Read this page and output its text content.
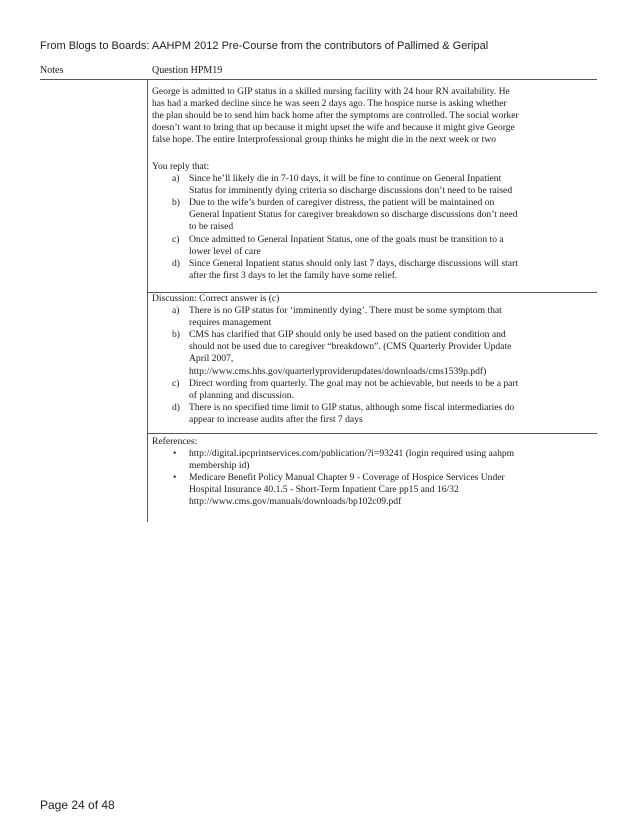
From Blogs to Boards: AAHPM 2012 Pre-Course from the contributors of Pallimed & Geripal
Notes	Question HPM19

George is admitted to GIP status in a skilled nursing facility with 24 hour RN availability. He

has had a marked decline since he was seen 2 days ago. The hospice nurse is asking whether

the plan should be to send him back home after the symptoms are controlled. The social worker

doesn’t want to bring that up because it might upset the wife and because it might give George

false hope. The entire Interprofessional group thinks he might die in the next week or two

You reply that:

a) Since he’ll likely die in 7-10 days, it will be fine to continue on General Inpatient
Status for imminently dying criteria so discharge discussions don’t need to be raised
b) Due to the wife’s burden of caregiver distress, the patient will be maintained on
General Inpatient Status for caregiver breakdown so discharge discussions don’t need
to be raised
c) Once admitted to General Inpatient Status, one of the goals must be transition to a
lower level of care
d) Since General Inpatient status should only last 7 days, discharge discussions will start
after the first 3 days to let the family have some relief.

Discussion: Correct answer is (c)

a) There is no GIP status for ‘imminently dying’. There must be some symptom that
requires management
b) CMS has clarified that GIP should only be used based on the patient condition and
should not be used due to caregiver “breakdown”. (CMS Quarterly Provider Update
April 2007,
http://www.cms.hhs.gov/quarterlyproviderupdates/downloads/cms1539p.pdf)
c) Direct wording from quarterly. The goal may not be achievable, but needs to be a part
of planning and discussion.
d) There is no specified time limit to GIP status, although some fiscal intermediaries do
appear to increase audits after the first 7 days

References:

• http://digital.ipcprintservices.com/publication/?i=93241 (login required using aahpm
membership id)
• Medicare Benefit Policy Manual Chapter 9 - Coverage of Hospice Services Under
Hospital Insurance 40.1.5 - Short-Term Inpatient Care pp15 and 16/32
http://www.cms.gov/manuals/downloads/bp102c09.pdf
Page 24 of 48
